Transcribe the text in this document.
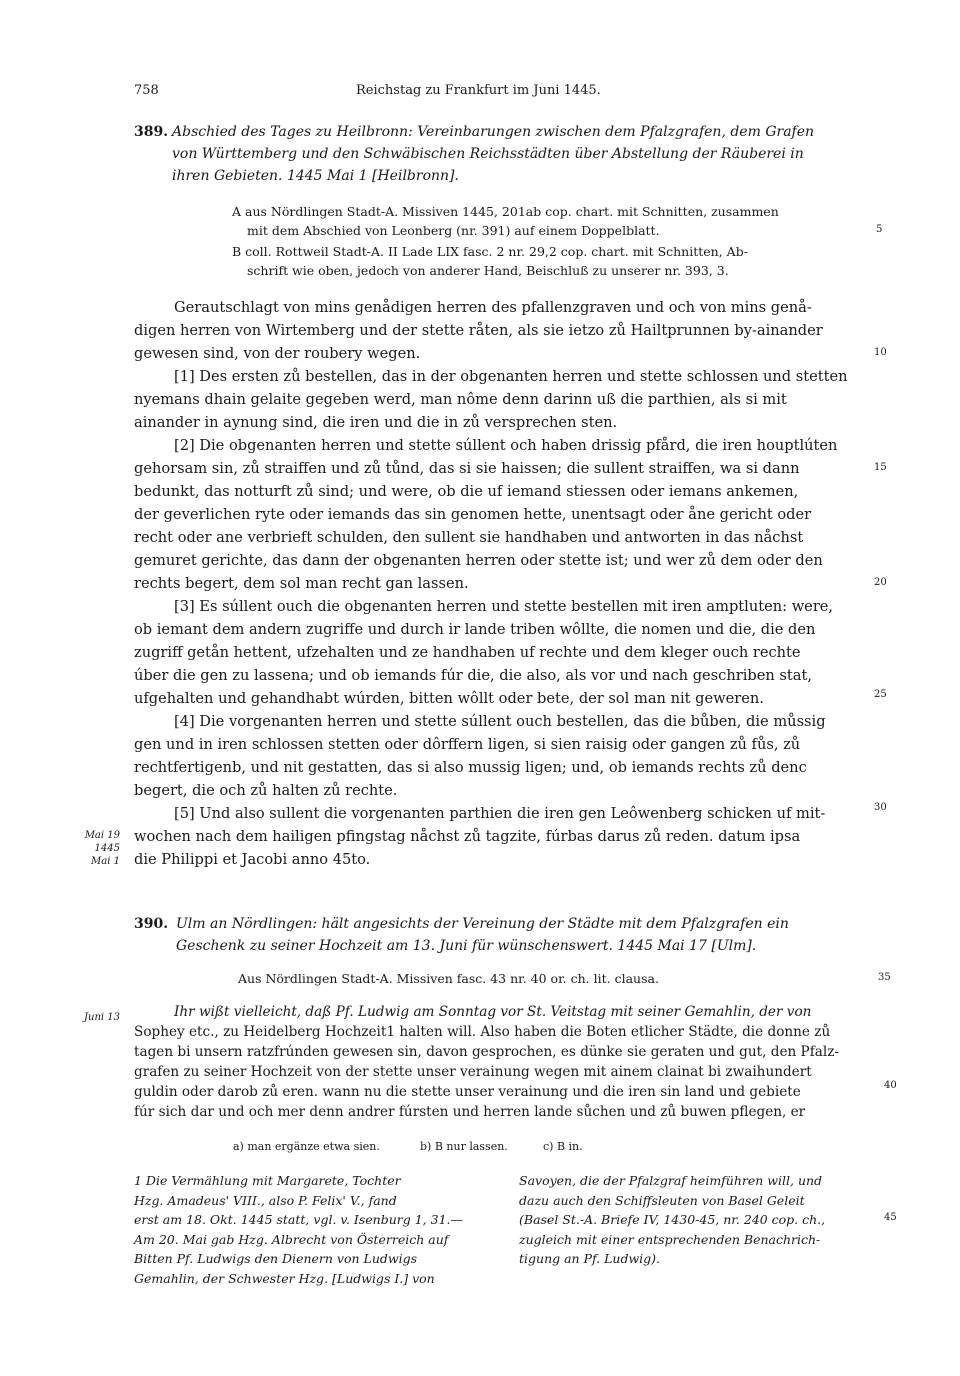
758	Reichstag zu Frankfurt im Juni 1445.
389. Abschied des Tages zu Heilbronn: Vereinbarungen zwischen dem Pfalzgrafen, dem Grafen
von Württemberg und den Schwäbischen Reichsstädten über Abstellung der Räuberei in
ihren Gebieten. 1445 Mai 1 [Heilbronn].
A aus Nördlingen Stadt-A. Missiven 1445, 201ab cop. chart. mit Schnitten, zusammen
mit dem Abschied von Leonberg (nr. 391) auf einem Doppelblatt.
B coll. Rottweil Stadt-A. II Lade LIX fasc. 2 nr. 29,2 cop. chart. mit Schnitten, Ab-
schrift wie oben, jedoch von anderer Hand, Beischluß zu unserer nr. 393, 3.

Gerautschlagt von mins genådigen herren des pfallenzgraven und och von mins genå-

digen herren von Wirtemberg und der stette råten, als sie ietzo zů Hailtprunnen by-ainander

gewesen sind, von der roubery wegen.

[1] Des ersten zů bestellen, das in der obgenanten herren und stette schlossen und stetten

nyemans dhain gelaite gegeben werd, man nôme denn darinn uß die parthien, als si mit

ainander in aynung sind, die iren und die in zů versprechen sten.

[2] Die obgenanten herren und stette súllent och haben drissig pfård, die iren houptlúten

gehorsam sin, zů straiffen und zů tůnd, das si sie haissen; die sullent straiffen, wa si dann

bedunkt, das notturft zů sind; und were, ob die uf iemand stiessen oder iemans ankemen,

der geverlichen ryte oder iemands das sin genomen hette, unentsagt oder åne gericht oder

recht oder ane verbrieft schulden, den sullent sie handhaben und antworten in das nåchst

gemuret gerichte, das dann der obgenanten herren oder stette ist; und wer zů dem oder den

rechts begert, dem sol man recht gan lassen.

[3] Es súllent ouch die obgenanten herren und stette bestellen mit iren amptluten: were,

ob iemant dem andern zugriffe und durch ir lande triben wôllte, die nomen und die, die den

zugriff getån hettent, ufzehalten und ze handhaben uf rechte und dem kleger ouch rechte

úber die gen zu lassena; und ob iemands fúr die, die also, als vor und nach geschriben stat,

ufgehalten und gehandhabt wúrden, bitten wôllt oder bete, der sol man nit geweren.

[4] Die vorgenanten herren und stette súllent ouch bestellen, das die bůben, die můssig

gen und in iren schlossen stetten oder dôrffern ligen, si sien raisig oder gangen zů fůs, zů

rechtfertigenb, und nit gestatten, das si also mussig ligen; und, ob iemands rechts zů denc

begert, die och zů halten zů rechte.

[5] Und also sullent die vorgenanten parthien die iren gen Leôwenberg schicken uf mit-

wochen nach dem hailigen pfingstag nåchst zů tagzite, fúrbas darus zů reden. datum ipsa

die Philippi et Jacobi anno 45to.

Mai 19
1445
Mai 1
390. Ulm an Nördlingen: hält angesichts der Vereinung der Städte mit dem Pfalzgrafen ein
Geschenk zu seiner Hochzeit am 13. Juni für wünschenswert. 1445 Mai 17 [Ulm].
Aus Nördlingen Stadt-A. Missiven fasc. 43 nr. 40 or. ch. lit. clausa.
Juni 13	Ihr wißt vielleicht, daß Pf. Ludwig am Sonntag vor St. Veitstag mit seiner Gemahlin, der von
Sophey etc., zu Heidelberg Hochzeit1 halten will. Also haben die Boten etlicher Städte, die donne zů
tagen bi unsern ratzfrúnden gewesen sin, davon gesprochen, es dünke sie geraten und gut, den Pfalz-
grafen zu seiner Hochzeit von der stette unser verainung wegen mit ainem clainat bi zwaihundert
guldin oder darob zů eren. wann nu die stette unser verainung und die iren sin land und gebiete
fúr sich dar und och mer denn andrer fúrsten und herren lande sůchen und zů buwen pflegen, er
a) man ergänze etwa sien.	b) B nur lassen.	c) B in.
1 Die Vermählung mit Margarete, Tochter
Hzg. Amadeus' VIII., also P. Felix' V., fand
erst am 18. Okt. 1445 statt, vgl. v. Isenburg 1, 31.—
Am 20. Mai gab Hzg. Albrecht von Österreich auf
Bitten Pf. Ludwigs den Dienern von Ludwigs
Gemahlin, der Schwester Hzg. [Ludwigs I.] von
Savoyen, die der Pfalzgraf heimführen will, und
dazu auch den Schiffsleuten von Basel Geleit
(Basel St.-A. Briefe IV, 1430-45, nr. 240 cop. ch.,
zugleich mit einer entsprechenden Benachrich-
tigung an Pf. Ludwig).
5
10
15
20
25
30
35
40
45
